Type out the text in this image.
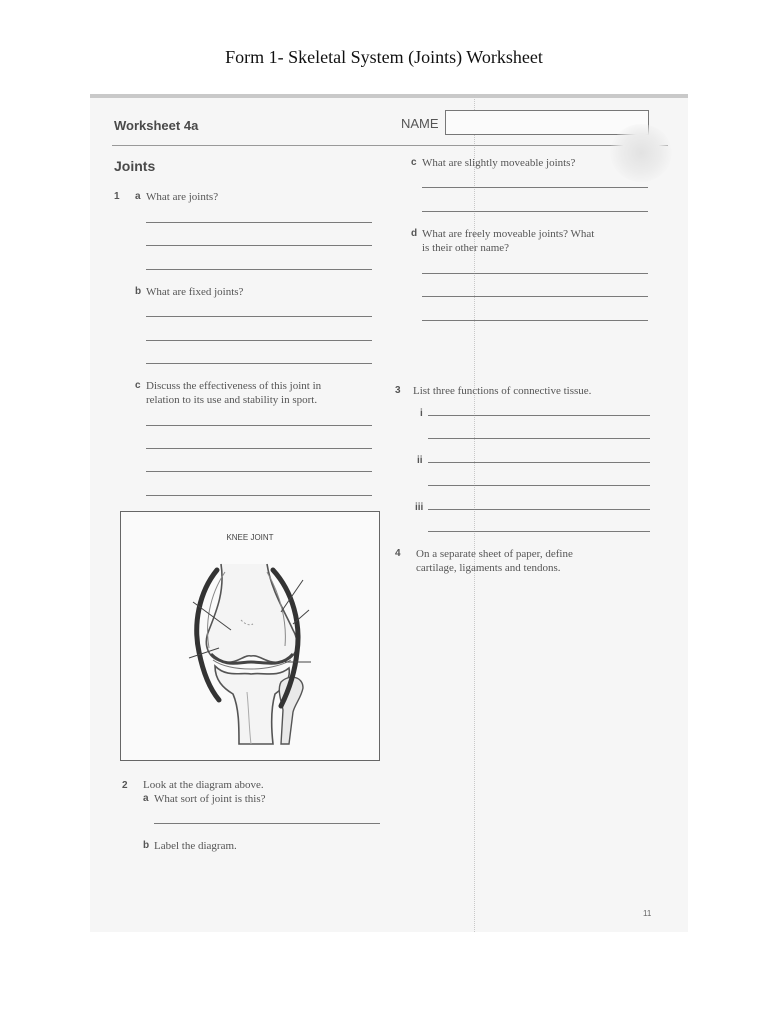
Form 1- Skeletal System (Joints) Worksheet
Worksheet 4a	NAME
Joints
1 a What are joints?
b What are fixed joints?
c Discuss the effectiveness of this joint in
relation to its use and stability in sport.
c What are slightly moveable joints?
d What are freely moveable joints? What
is their other name?
3 List three functions of connective tissue.
i
ii
iii
4 On a separate sheet of paper, define
cartilage, ligaments and tendons.
KNEE JOINT
2 Look at the diagram above.
a What sort of joint is this?
b Label the diagram.
11
